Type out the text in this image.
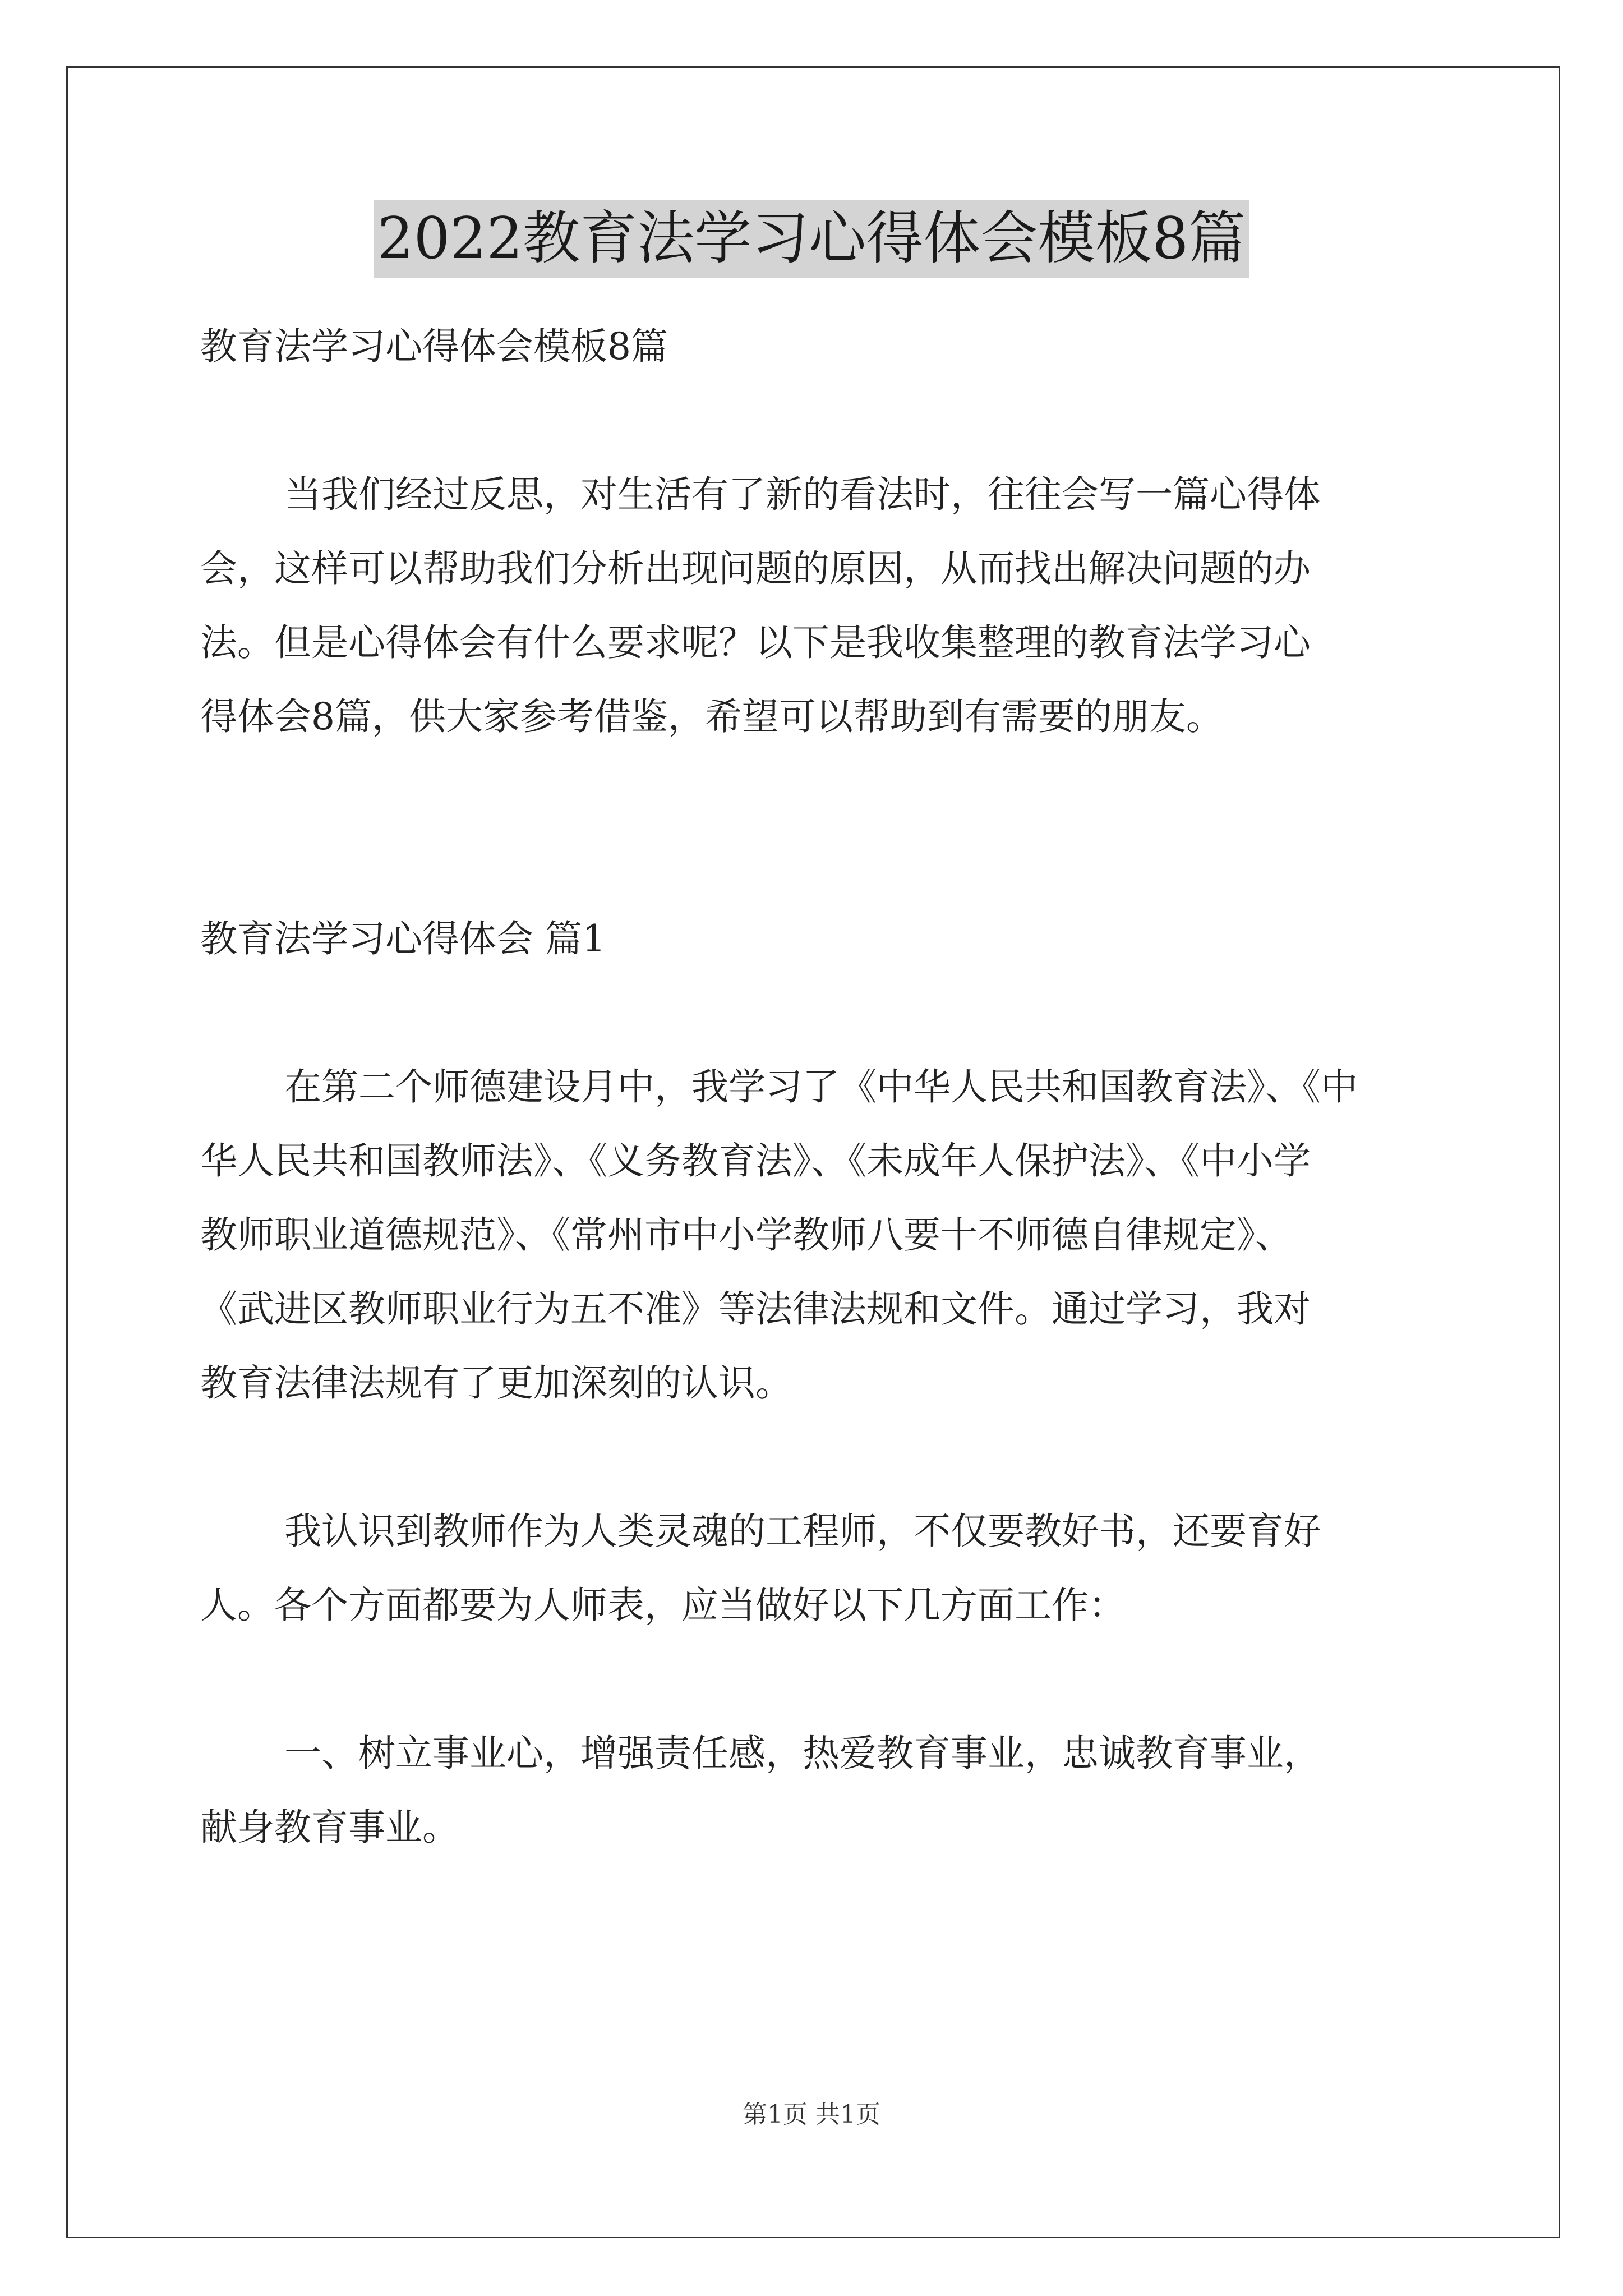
2022教育法学习心得体会模板8篇
教育法学习心得体会模板8篇
当我们经过反思，对生活有了新的看法时，往往会写一篇心得体
会，这样可以帮助我们分析出现问题的原因，从而找出解决问题的办
法。但是心得体会有什么要求呢？以下是我收集整理的教育法学习心
得体会8篇，供大家参考借鉴，希望可以帮助到有需要的朋友。
教育法学习心得体会 篇1
在第二个师德建设月中，我学习了《中华人民共和国教育法》、《中
华人民共和国教师法》、《义务教育法》、《未成年人保护法》、《中小学
教师职业道德规范》、《常州市中小学教师八要十不师德自律规定》、
《武进区教师职业行为五不准》等法律法规和文件。通过学习，我对
教育法律法规有了更加深刻的认识。
我认识到教师作为人类灵魂的工程师，不仅要教好书，还要育好
人。各个方面都要为人师表，应当做好以下几方面工作：
一、树立事业心，增强责任感，热爱教育事业，忠诚教育事业，
献身教育事业。
第1页 共1页
